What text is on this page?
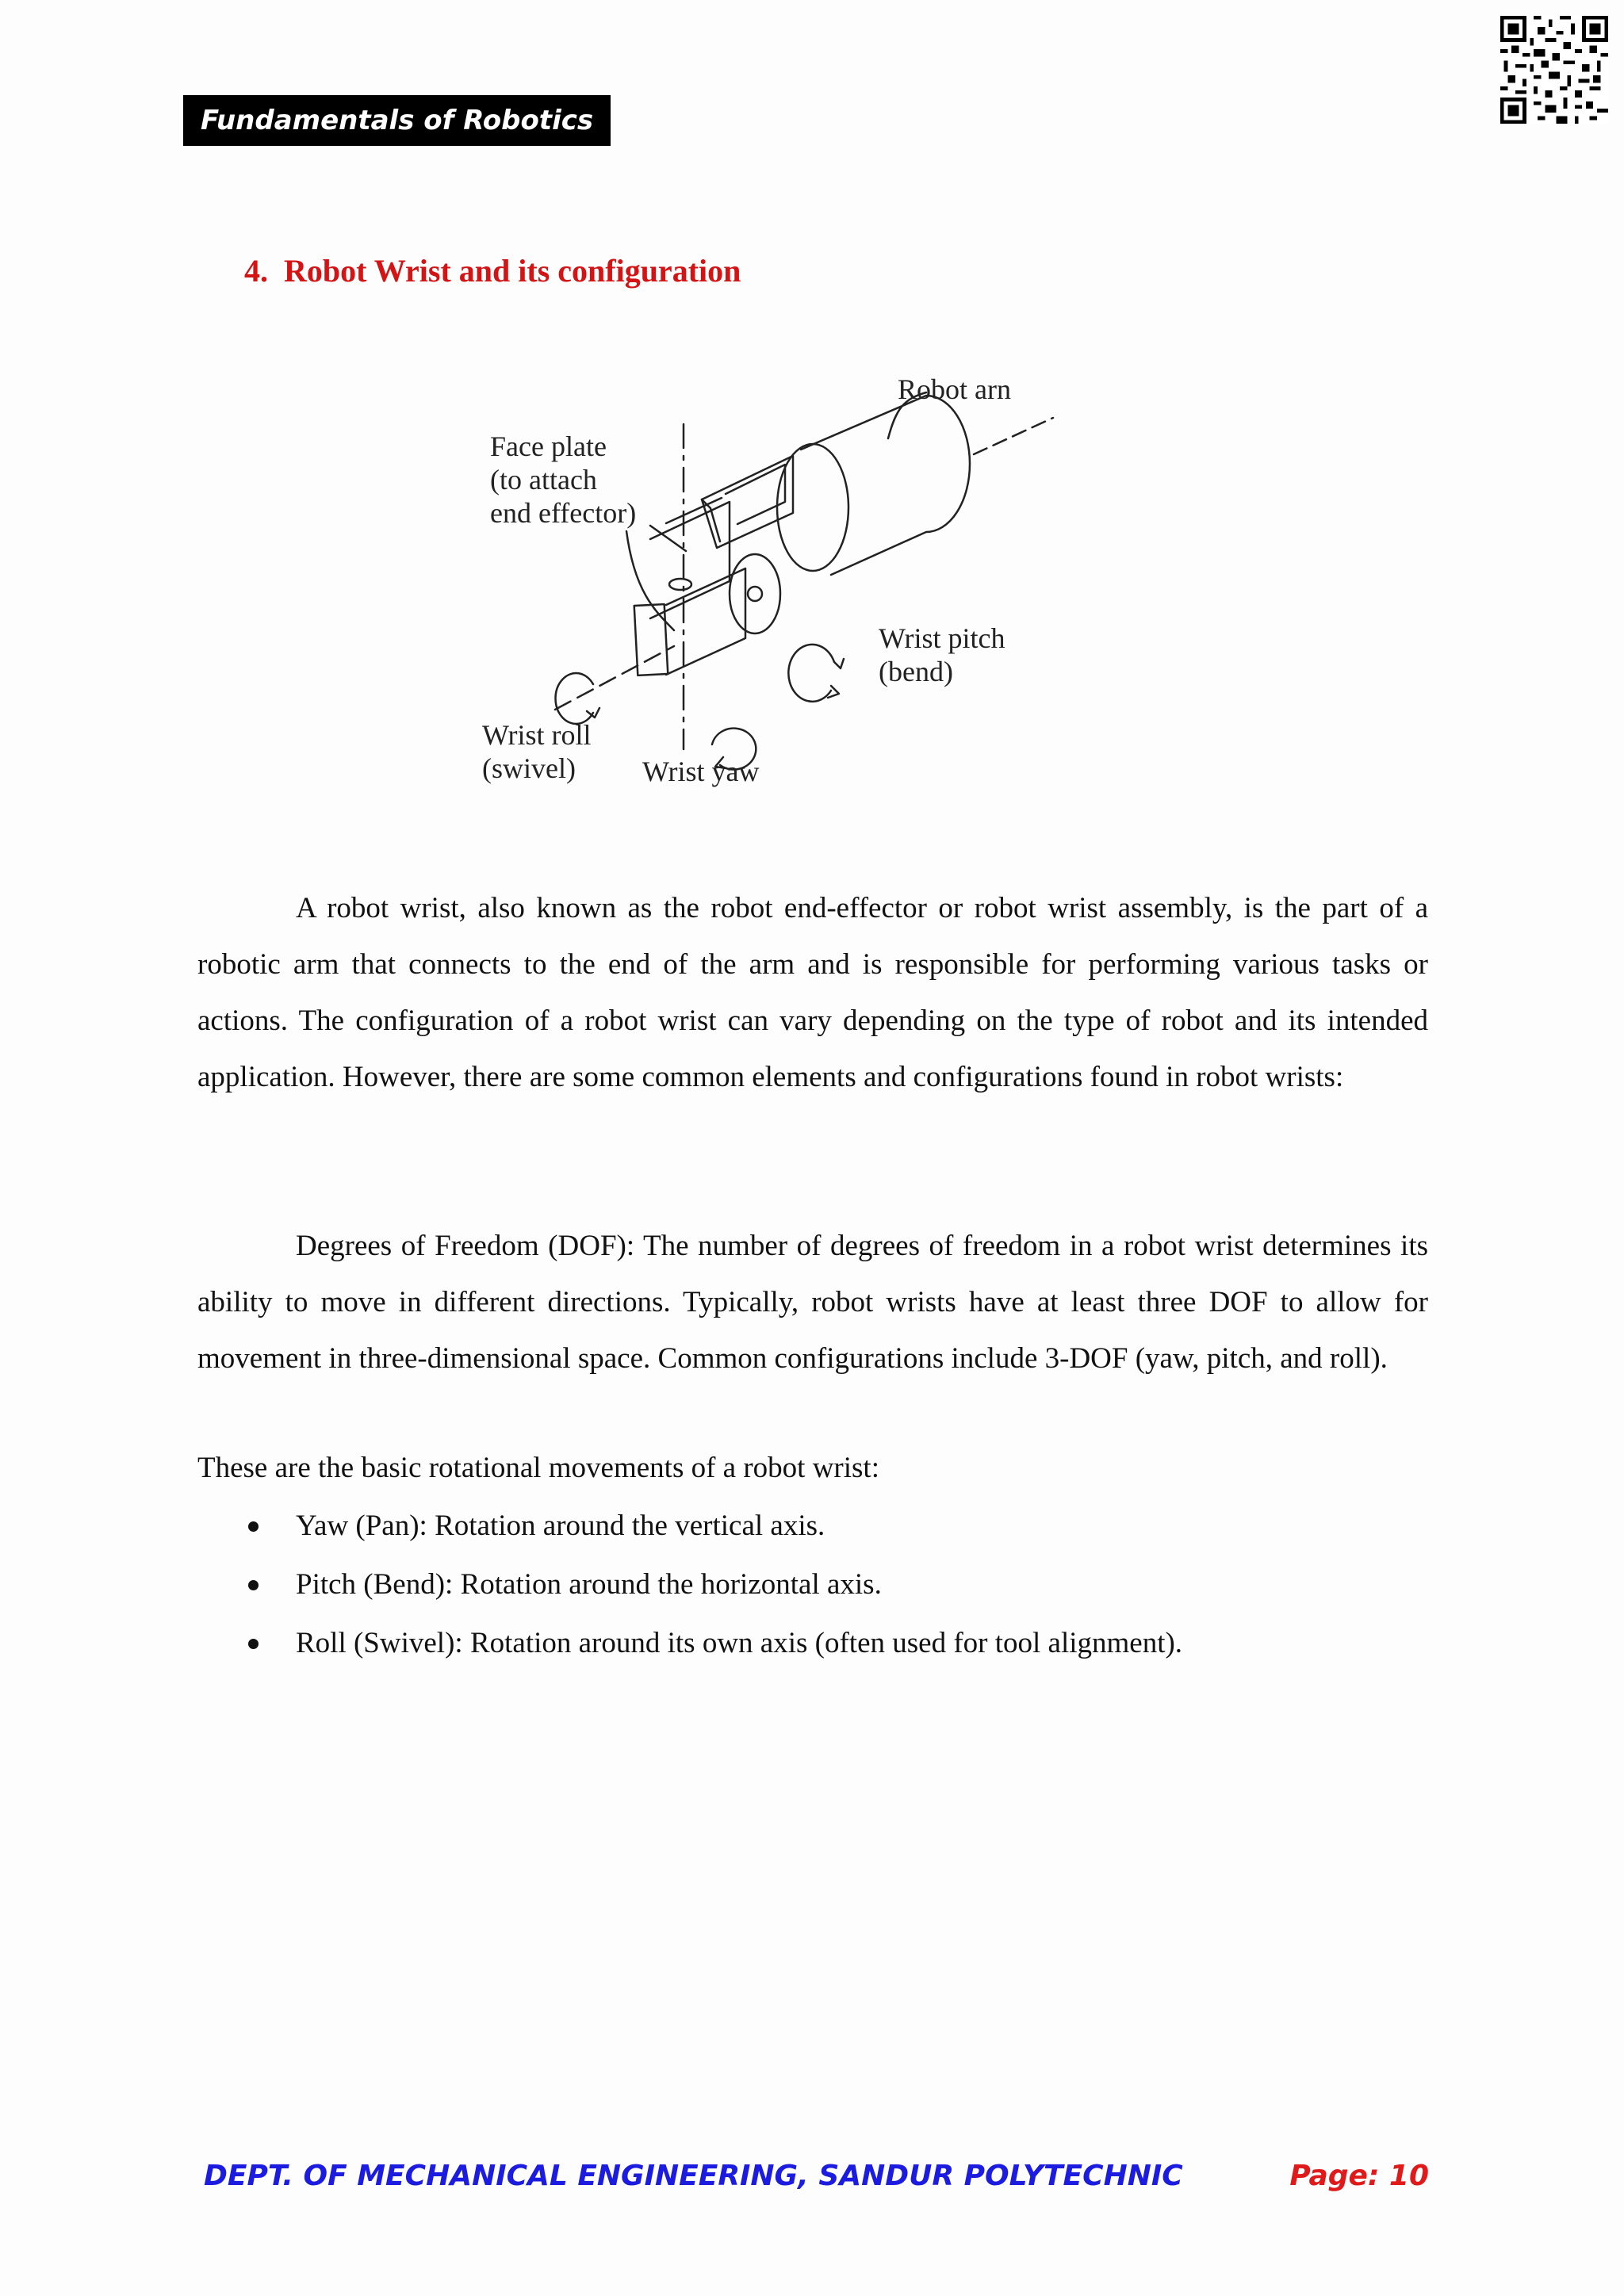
Fundamentals of Robotics
4. Robot Wrist and its configuration
Robot arn
Face plate
(to attach
end effector)
Wrist pitch
(bend)
Wrist roll
(swivel) Wrist yaw

A robot wrist, also known as the robot end-effector or robot wrist assembly, is the part of a robotic arm that connects to the end of the arm and is responsible for performing various tasks or actions. The configuration of a robot wrist can vary depending on the type of robot and its intended application. However, there are some common elements and configurations found in robot wrists:

Degrees of Freedom (DOF): The number of degrees of freedom in a robot wrist determines its ability to move in different directions. Typically, robot wrists have at least three DOF to allow for movement in three-dimensional space. Common configurations include 3-DOF (yaw, pitch, and roll).

These are the basic rotational movements of a robot wrist:

Yaw (Pan): Rotation around the vertical axis.
Pitch (Bend): Rotation around the horizontal axis.
Roll (Swivel): Rotation around its own axis (often used for tool alignment).
DEPT. OF MECHANICAL ENGINEERING, SANDUR POLYTECHNIC	Page: 10
